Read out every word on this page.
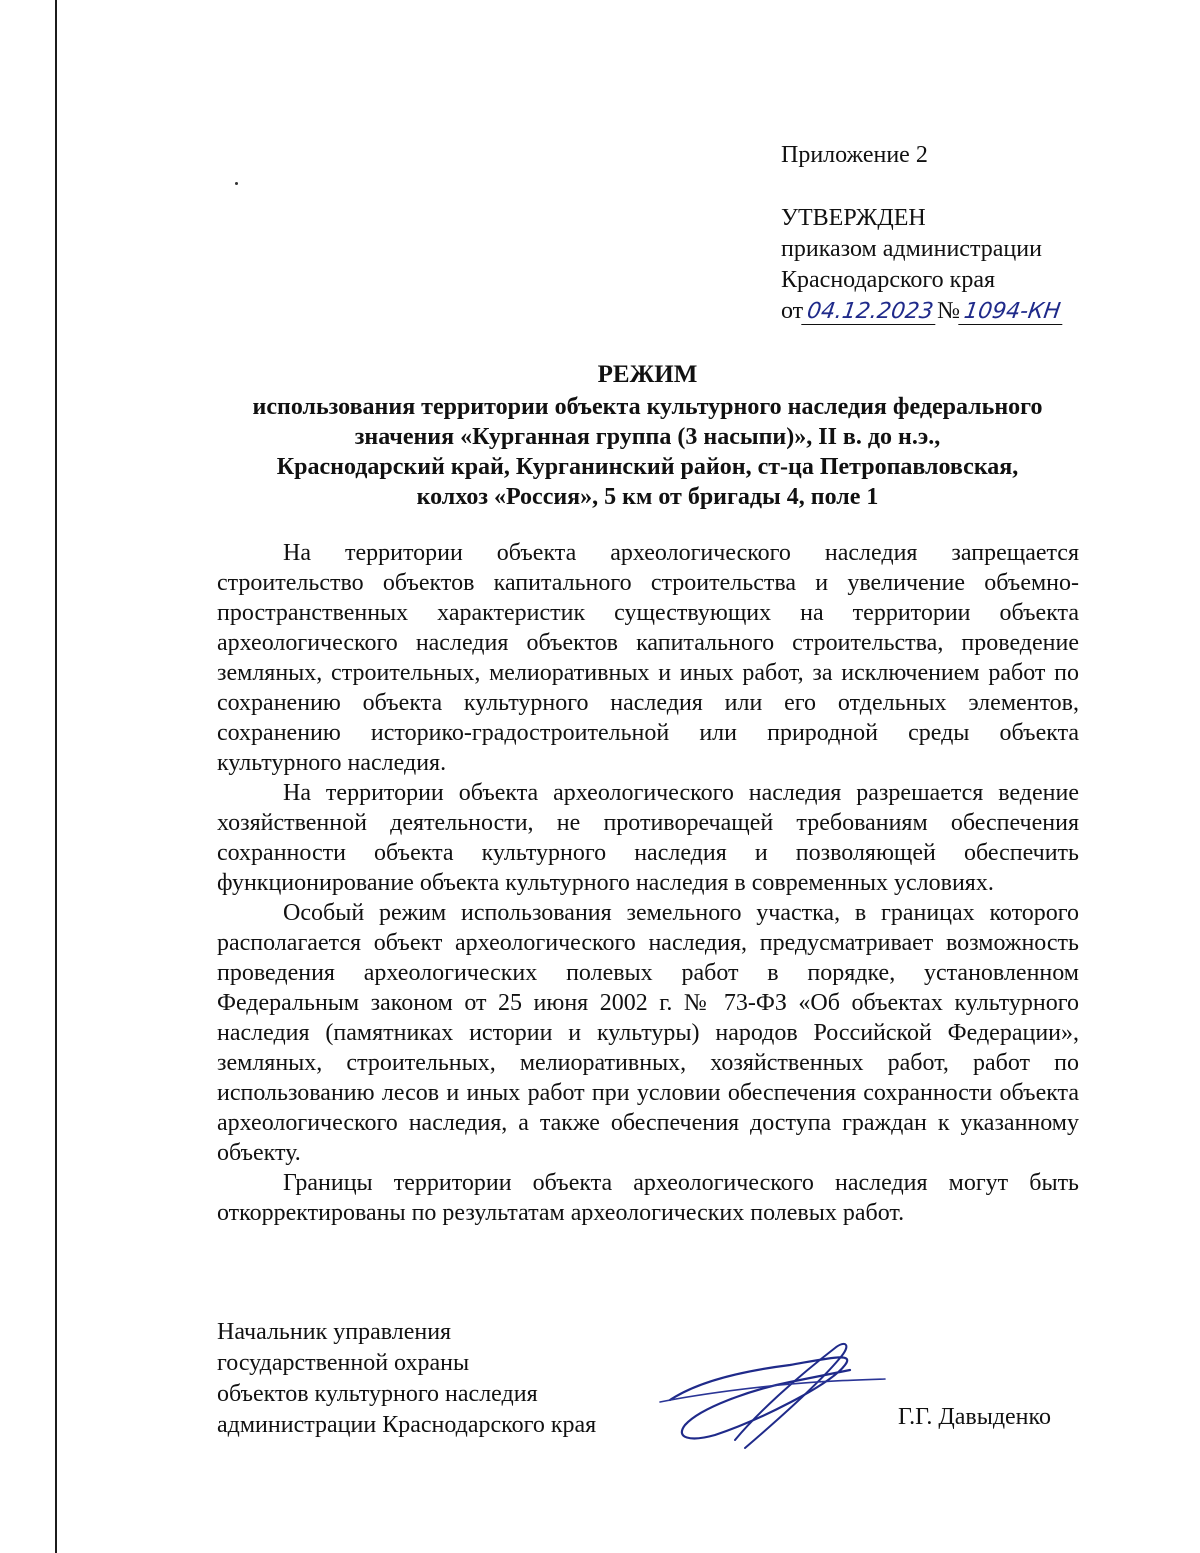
Приложение 2
УТВЕРЖДЕН
приказом администрации
Краснодарского края
от 04.12.2023№ 1094-КН
РЕЖИМ
использования территории объекта культурного наследия федерального
значения «Курганная группа (3 насыпи)», II в. до н.э.,
Краснодарский край, Курганинский район, ст-ца Петропавловская,
колхоз «Россия», 5 км от бригады 4, поле 1

На территории объекта археологического наследия запрещается строительство объектов капитального строительства и увеличение объемно-пространственных характеристик существующих на территории объекта археологического наследия объектов капитального строительства, проведение земляных, строительных, мелиоративных и иных работ, за исключением работ по сохранению объекта культурного наследия или его отдельных элементов, сохранению историко-градостроительной или природной среды объекта культурного наследия.

На территории объекта археологического наследия разрешается ведение хозяйственной деятельности, не противоречащей требованиям обеспечения сохранности объекта культурного наследия и позволяющей обеспечить функционирование объекта культурного наследия в современных условиях.

Особый режим использования земельного участка, в границах которого располагается объект археологического наследия, предусматривает возможность проведения археологических полевых работ в порядке, установленном Федеральным законом от 25 июня 2002 г. № 73-ФЗ «Об объектах культурного наследия (памятниках истории и культуры) народов Российской Федерации», земляных, строительных, мелиоративных, хозяйственных работ, работ по использованию лесов и иных работ при условии обеспечения сохранности объекта археологического наследия, а также обеспечения доступа граждан к указанному объекту.

Границы территории объекта археологического наследия могут быть откорректированы по результатам археологических полевых работ.

Начальник управления
государственной охраны
объектов культурного наследия
администрации Краснодарского края	Г.Г. Давыденко
